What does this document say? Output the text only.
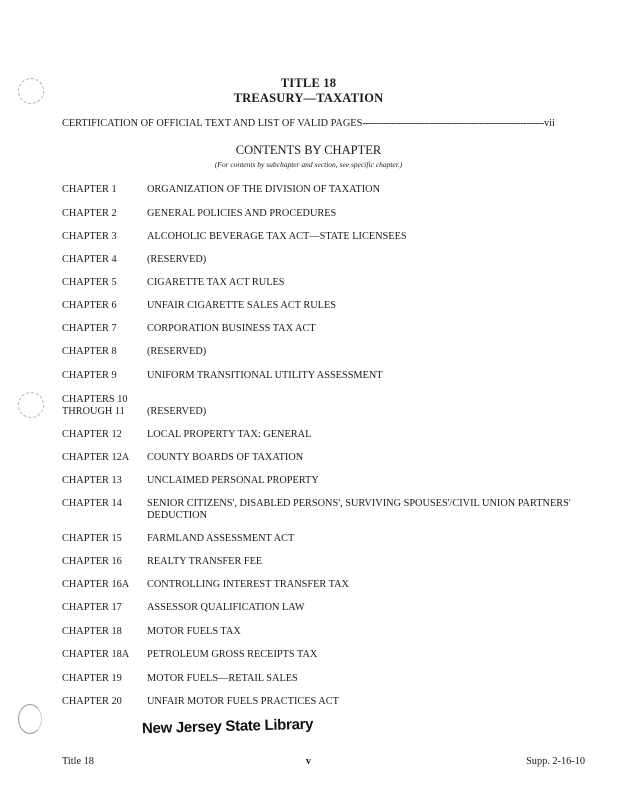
TITLE 18
TREASURY—TAXATION
CERTIFICATION OF OFFICIAL TEXT AND LIST OF VALID PAGES--------------------------------------------------------------vii
CONTENTS BY CHAPTER
(For contents by subchapter and section, see specific chapter.)
CHAPTER 1	ORGANIZATION OF THE DIVISION OF TAXATION
CHAPTER 2	GENERAL POLICIES AND PROCEDURES
CHAPTER 3	ALCOHOLIC BEVERAGE TAX ACT—STATE LICENSEES
CHAPTER 4	(RESERVED)
CHAPTER 5	CIGARETTE TAX ACT RULES
CHAPTER 6	UNFAIR CIGARETTE SALES ACT RULES
CHAPTER 7	CORPORATION BUSINESS TAX ACT
CHAPTER 8	(RESERVED)
CHAPTER 9	UNIFORM TRANSITIONAL UTILITY ASSESSMENT
CHAPTERS 10
THROUGH 11	(RESERVED)
CHAPTER 12	LOCAL PROPERTY TAX: GENERAL
CHAPTER 12A	COUNTY BOARDS OF TAXATION
CHAPTER 13	UNCLAIMED PERSONAL PROPERTY
CHAPTER 14	SENIOR CITIZENS', DISABLED PERSONS', SURVIVING SPOUSES'/CIVIL UNION PARTNERS' DEDUCTION
CHAPTER 15	FARMLAND ASSESSMENT ACT
CHAPTER 16	REALTY TRANSFER FEE
CHAPTER 16A	CONTROLLING INTEREST TRANSFER TAX
CHAPTER 17	ASSESSOR QUALIFICATION LAW
CHAPTER 18	MOTOR FUELS TAX
CHAPTER 18A	PETROLEUM GROSS RECEIPTS TAX
CHAPTER 19	MOTOR FUELS—RETAIL SALES
CHAPTER 20	UNFAIR MOTOR FUELS PRACTICES ACT
New Jersey State Library
Title 18	v	Supp. 2-16-10
